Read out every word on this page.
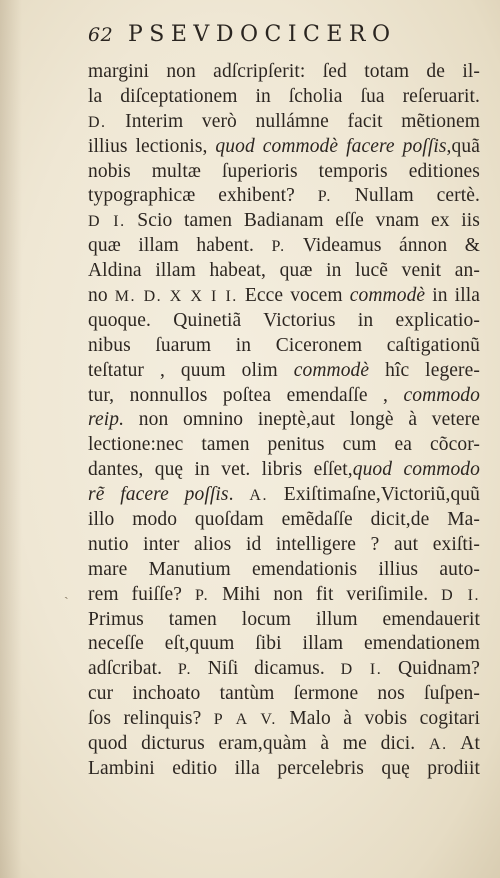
62 PSEVDOCICERO
margini non adſcripſerit: ſed totam de il-
la diſceptationem in ſcholia ſua reſeruarit.
D. Interim verò nullámne facit mẽtionem
illius lectionis, quod commodè facere poſſis,quã
nobis multæ ſuperioris temporis editiones
typographicæ exhibent? P. Nullam certè.
D I. Scio tamen Badianam eſſe vnam ex iis
quæ illam habent. P. Videamus ánnon &
Aldina illam habeat, quæ in lucẽ venit an-
no M. D. X X I I. Ecce vocem commodè in illa
quoque. Quinetiã Victorius in explicatio-
nibus ſuarum in Ciceronem caſtigationũ
teſtatur , quum olim commodè hîc legere-
tur, nonnullos poſtea emendaſſe , commodo
reip. non omnino ineptè,aut longè à vetere
lectione:nec tamen penitus cum ea cõcor-
dantes, quę in vet. libris eſſet,quod commodo
rẽ facere poſſis. A. Exiſtimaſne,Victoriũ,quũ
illo modo quoſdam emẽdaſſe dicit,de Ma-
nutio inter alios id intelligere ? aut exiſti-
mare Manutium emendationis illius auto-
rem fuiſſe? P. Mihi non fit veriſimile. D I.
Primus tamen locum illum emendauerit
neceſſe eſt,quum ſibi illam emendationem
adſcribat. P. Niſi dicamus. D I. Quidnam?
cur inchoato tantùm ſermone nos ſuſpen-
ſos relinquis? P A V. Malo à vobis cogitari
quod dicturus eram,quàm à me dici. A. At
Lambini editio illa percelebris quę prodiit
ˎ
